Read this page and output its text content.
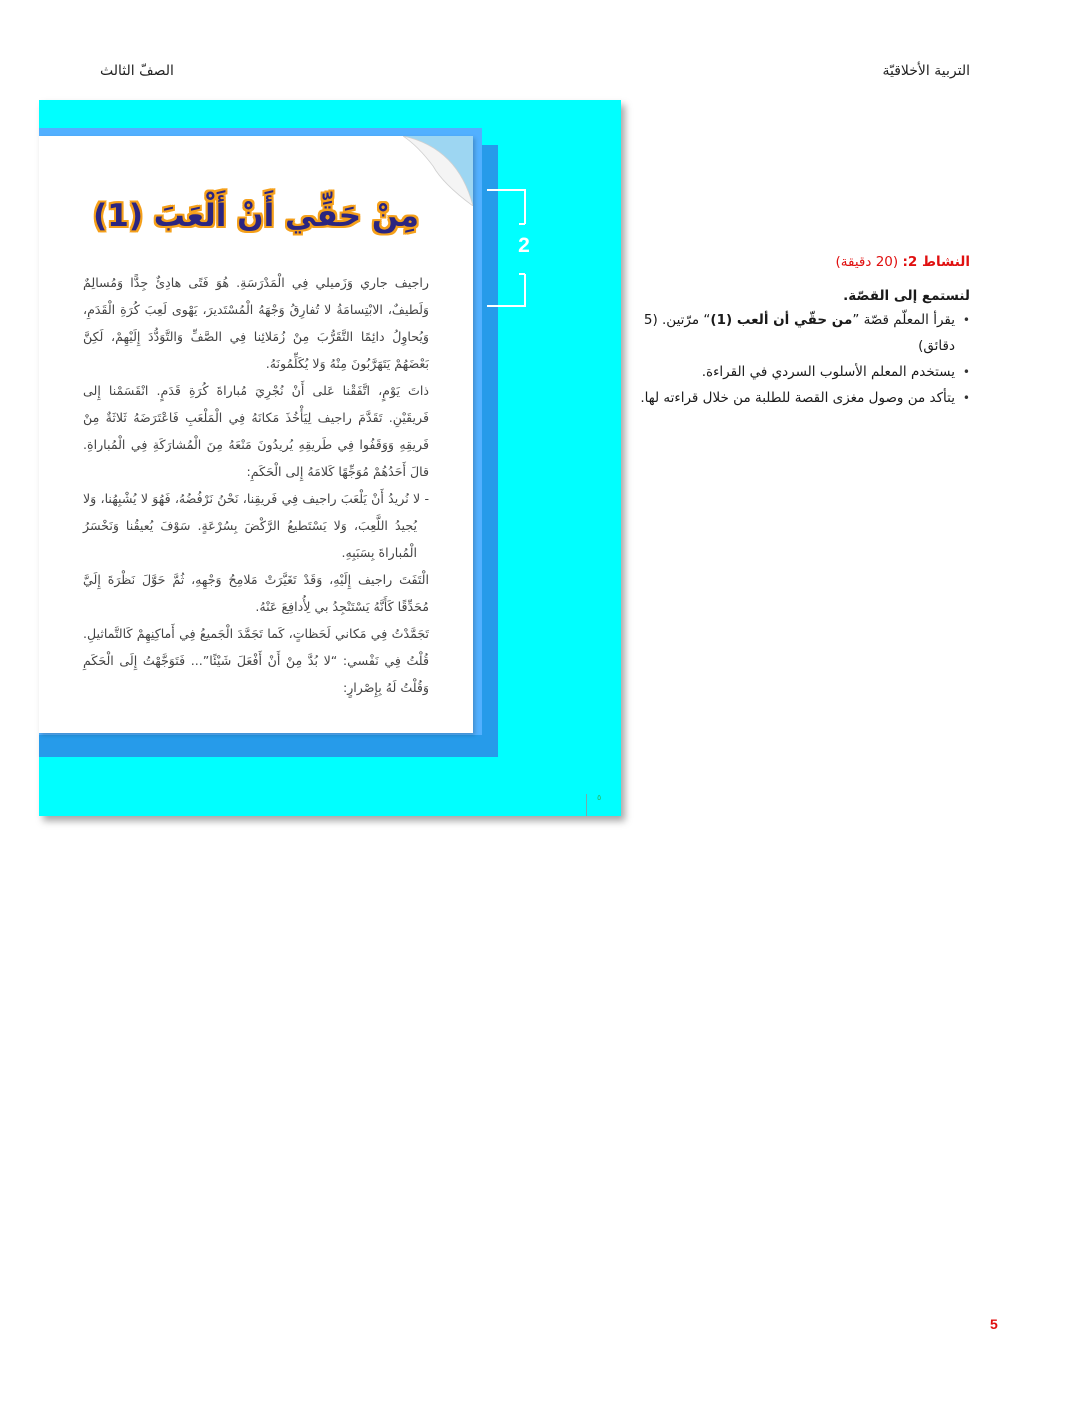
التربية الأخلاقيّة
الصفّ الثالث
مِنْ حَقِّي أَنْ أَلْعَبَ (1)

راجيف جاري وَزَميلي فِي الْمَدْرَسَةِ. هُوَ فَتًى هادِئٌ جِدًّا وَمُسالِمٌ وَلَطيفٌ، الابْتِسامَةُ لا تُفارِقُ وَجْهَهُ الْمُسْتَديرَ، يَهْوى لَعِبَ كُرَةِ الْقَدَمِ، وَيُحاوِلُ دائِمًا التَّقَرُّبَ مِنْ زُمَلائِنا فِي الصَّفِّ وَالتَّوَدُّدَ إِلَيْهِمْ، لَكِنَّ بَعْضَهُمْ يَتَهَرَّبُونَ مِنْهُ وَلا يُكَلِّمُونَهُ.

ذاتَ يَوْمٍ، اتَّفَقْنا عَلى أَنْ نُجْرِيَ مُباراةَ كُرَةِ قَدَمٍ. انْقَسَمْنا إِلى فَريقَيْنِ. تَقَدَّمَ راجيف لِيَأْخُذَ مَكانَهُ فِي الْمَلْعَبِ فَاعْتَرَضَهُ ثَلاثَةٌ مِنْ فَريقِهِ وَوَقَفُوا فِي طَريقِهِ يُريدُونَ مَنْعَهُ مِنَ الْمُشارَكَةِ فِي الْمُباراةِ. قالَ أَحَدُهُمْ مُوَجِّهًا كَلامَهُ إِلى الْحَكَمِ:

- لا نُريدُ أَنْ يَلْعَبَ راجيف فِي فَريقِنا، نَحْنُ نَرْفُضُهُ، فَهُوَ لا يُشْبِهُنا، وَلا يُجيدُ اللَّعِبَ، وَلا يَسْتَطيعُ الرَّكْضَ بِسُرْعَةٍ. سَوْفَ يُعيقُنا وَنَخْسَرُ الْمُباراةَ بِسَبَبِهِ.

الْتَفَتَ راجيف إِلَيْهِ، وَقَدْ تَغَيَّرَتْ مَلامِحُ وَجْهِهِ، ثُمَّ حَوَّلَ نَظْرَةَ إِلَيَّ مُحَدِّقًا كَأَنَّهُ يَسْتَنْجِدُ بي لِأُدافِعَ عَنْهُ.

تَجَمَّدْتُ فِي مَكاني لَحَظاتٍ، كَما تَجَمَّدَ الْجَميعُ فِي أَماكِنِهِمْ كَالتَّماثيلِ. قُلْتُ فِي نَفْسي: “لا بُدَّ مِنْ أَنْ أَفْعَلَ شَيْئًا”... فَتَوَجَّهْتُ إِلَى الْحَكَمِ وَقُلْتُ لَهُ بِإِصْرارٍ:

2
٥

النشاط 2: (20 دقيقة)

لنستمع إلى القصّة.

• يقرأ المعلّم قصّة ”من حقّي أن ألعب (1)“ مرّتين. (5 دقائق)
• يستخدم المعلم الأسلوب السردي في القراءة.
• يتأكد من وصول مغزى القصة للطلبة من خلال قراءته لها.
5
